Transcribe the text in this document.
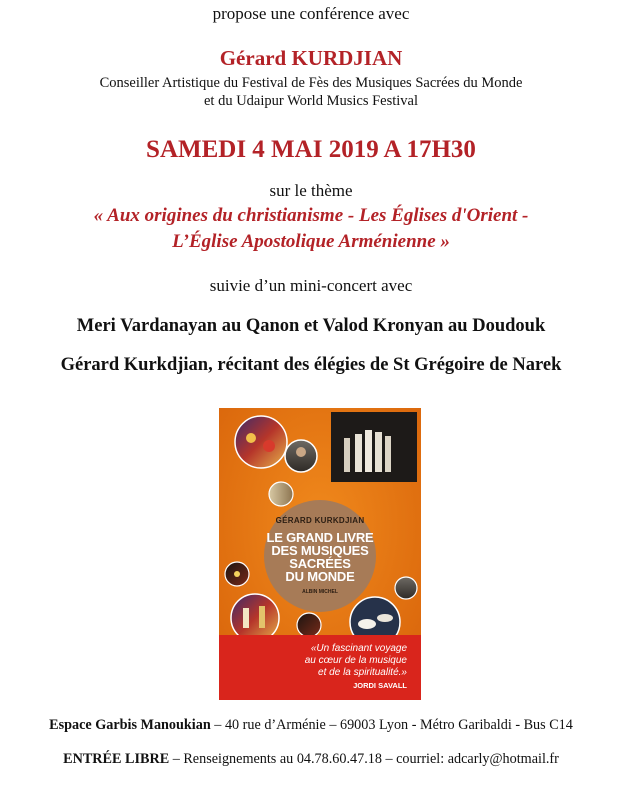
propose une conférence avec
Gérard KURDJIAN
Conseiller Artistique du Festival de Fès des Musiques Sacrées du Monde
et du Udaipur World Musics Festival
SAMEDI 4 MAI 2019 A 17H30
sur le thème
« Aux origines du christianisme - Les Églises d'Orient -
L’Église Apostolique Arménienne »
suivie d’un mini-concert avec
Meri Vardanayan au Qanon et Valod Kronyan au Doudouk
Gérard Kurkdjian, récitant des élégies de St Grégoire de Narek
GÉRARD KURKDJIAN
LE GRAND LIVRE
DES MUSIQUES
SACRÉES
DU MONDE
ALBIN MICHEL
«Un fascinant voyage
au cœur de la musique
et de la spiritualité.»
JORDI SAVALL
Espace Garbis Manoukian – 40 rue d’Arménie – 69003 Lyon - Métro Garibaldi - Bus C14
ENTRÉE LIBRE – Renseignements au 04.78.60.47.18 – courriel: adcarly@hotmail.fr
